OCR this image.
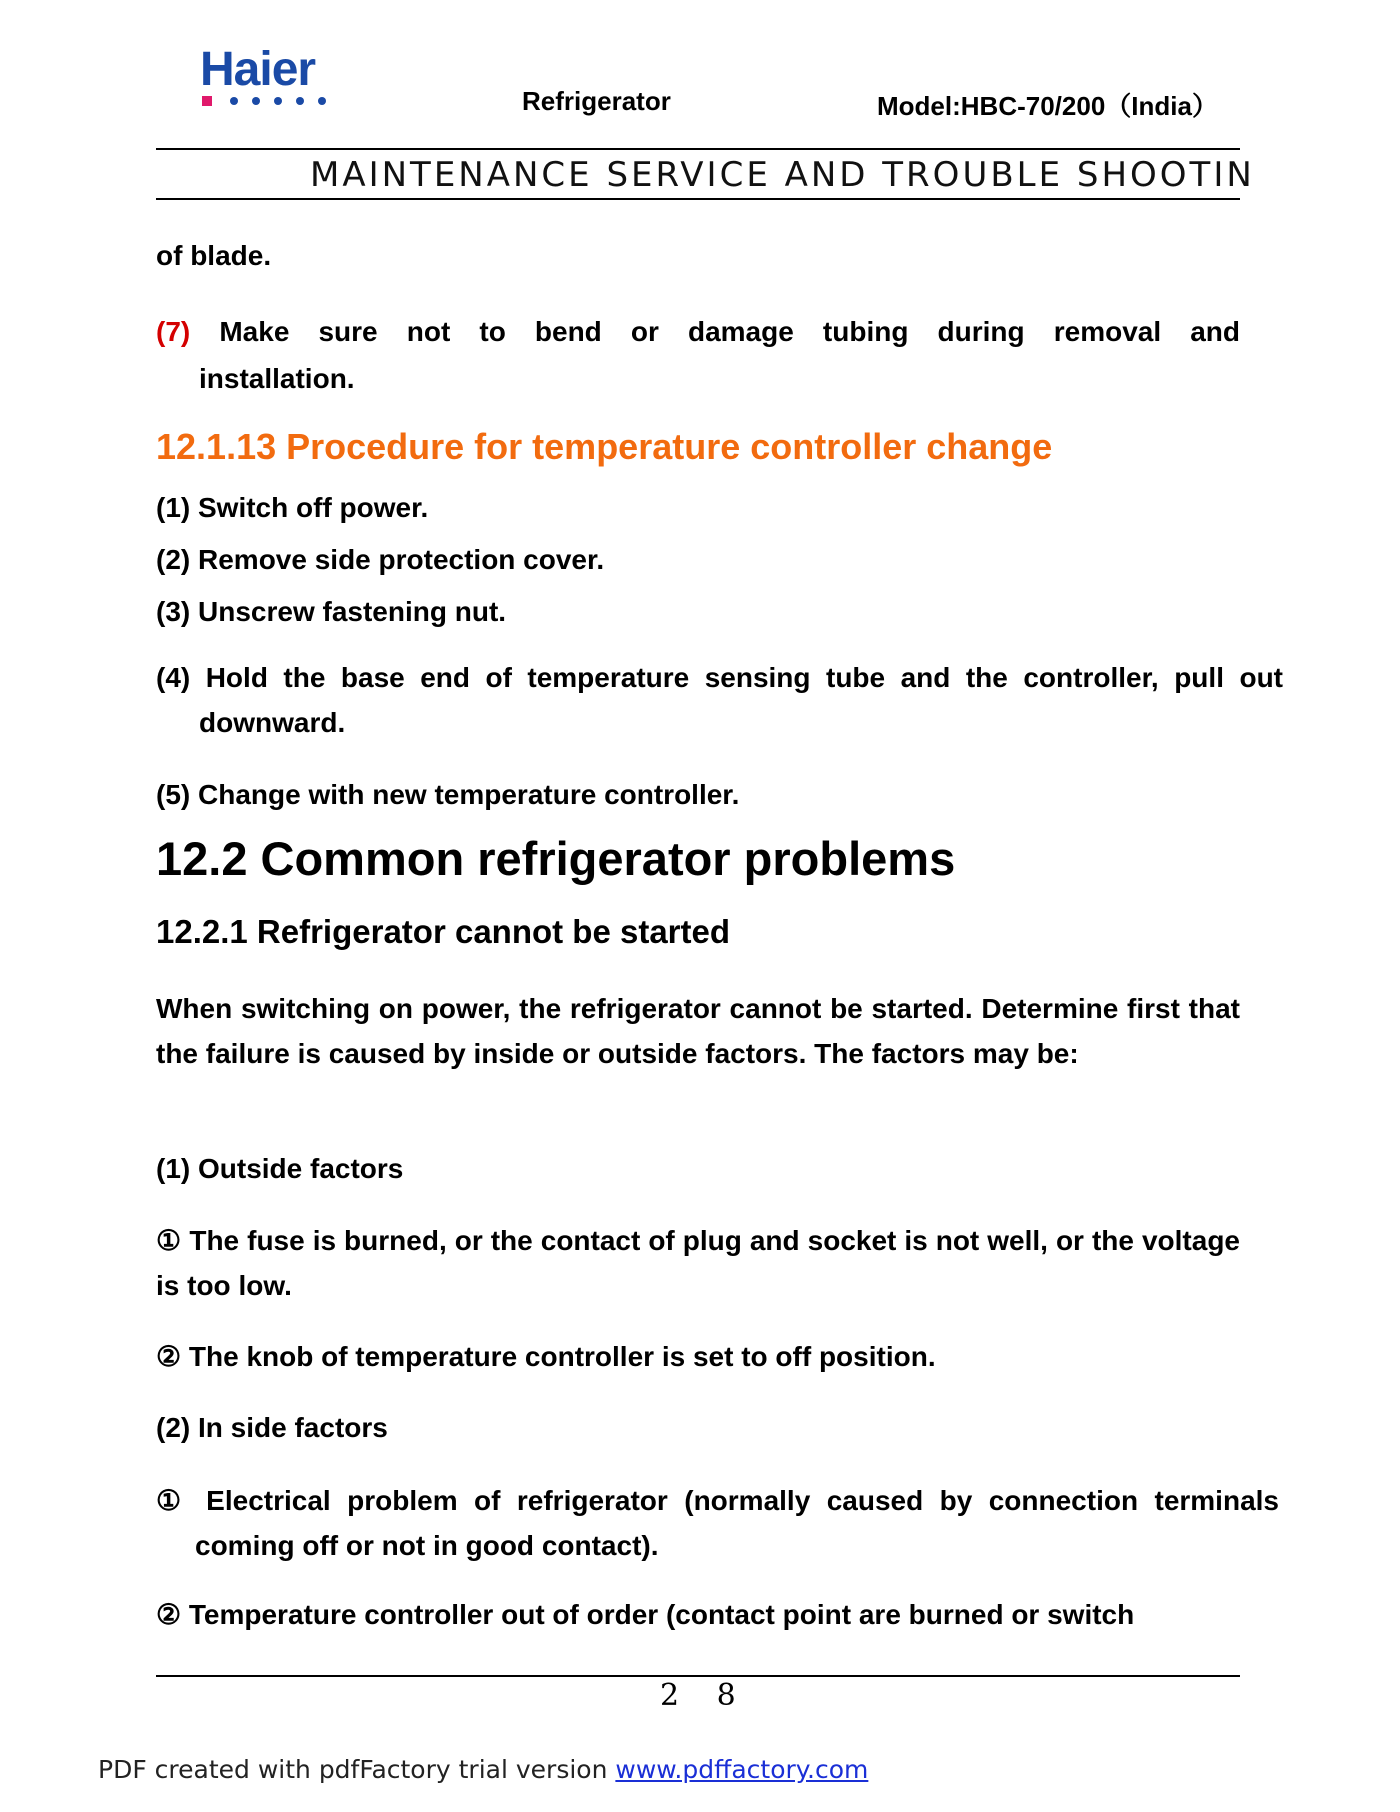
Haier
Refrigerator	Model:HBC-70/200（India）
MAINTENANCE SERVICE AND TROUBLE SHOOTIN
of blade.
(7) Make sure not to bend or damage tubing during removal and
installation.
12.1.13 Procedure for temperature controller change
(1) Switch off power.
(2) Remove side protection cover.
(3) Unscrew fastening nut.
(4) Hold the base end of temperature sensing tube and the controller, pull out downward.
(5) Change with new temperature controller.
12.2 Common refrigerator problems
12.2.1 Refrigerator cannot be started
When switching on power, the refrigerator cannot be started. Determine first that the failure is caused by inside or outside factors. The factors may be:
(1) Outside factors
① The fuse is burned, or the contact of plug and socket is not well, or the voltage is too low.
② The knob of temperature controller is set to off position.
(2) In side factors
① Electrical problem of refrigerator (normally caused by connection terminals coming off or not in good contact).
② Temperature controller out of order (contact point are burned or switch
2 8
PDF created with pdfFactory trial version www.pdffactory.com
